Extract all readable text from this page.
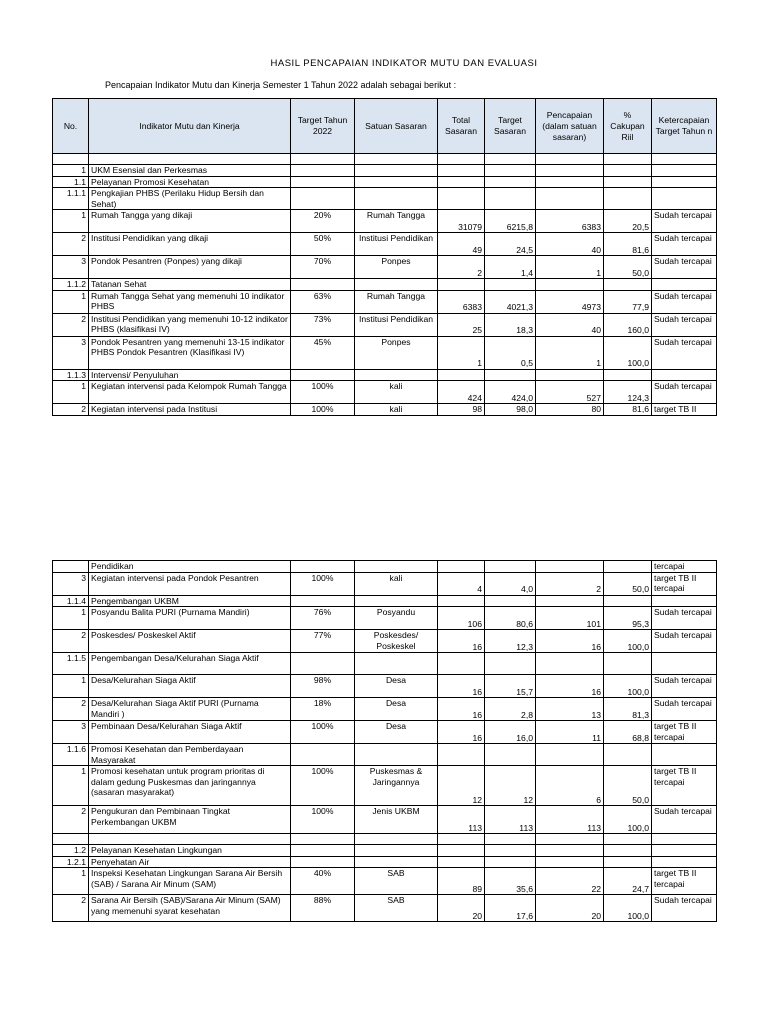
HASIL PENCAPAIAN INDIKATOR MUTU DAN EVALUASI
Pencapaian Indikator Mutu dan Kinerja Semester 1 Tahun 2022 adalah sebagai berikut :
No.	Indikator Mutu dan Kinerja	Target Tahun 2022	Satuan Sasaran	Total Sasaran	Target Sasaran	Pencapaian (dalam satuan sasaran)	% Cakupan Riil	Ketercapaian Target Tahun n

1	UKM Esensial dan Perkesmas							
1.1	Pelayanan Promosi Kesehatan							
1.1.1	Pengkajian PHBS (Perilaku Hidup Bersih dan Sehat)							
1	Rumah Tangga yang dikaji	20%	Rumah Tangga	31079	6215,8	6383	20,5	Sudah tercapai
2	Institusi Pendidikan yang dikaji	50%	Institusi Pendidikan	49	24,5	40	81,6	Sudah tercapai
3	Pondok Pesantren (Ponpes) yang dikaji	70%	Ponpes	2	1,4	1	50,0	Sudah tercapai
1.1.2	Tatanan Sehat							
1	Rumah Tangga Sehat yang memenuhi 10 indikator PHBS	63%	Rumah Tangga	6383	4021,3	4973	77,9	Sudah tercapai
2	Institusi Pendidikan yang memenuhi 10-12 indikator PHBS (klasifikasi IV)	73%	Institusi Pendidikan	25	18,3	40	160,0	Sudah tercapai
3	Pondok Pesantren yang memenuhi 13-15 indikator PHBS Pondok Pesantren (Klasifikasi IV)	45%	Ponpes	1	0,5	1	100,0	Sudah tercapai
1.1.3	Intervensi/ Penyuluhan							
1	Kegiatan intervensi pada Kelompok Rumah Tangga	100%	kali	424	424,0	527	124,3	Sudah tercapai
2	Kegiatan intervensi pada Institusi	100%	kali	98	98,0	80	81,6	target TB II
	Pendidikan							tercapai
3	Kegiatan intervensi pada Pondok Pesantren	100%	kali	4	4,0	2	50,0	target TB II tercapai
1.1.4	Pengembangan UKBM							
1	Posyandu Balita PURI (Purnama Mandiri)	76%	Posyandu	106	80,6	101	95,3	Sudah tercapai
2	Poskesdes/ Poskeskel Aktif	77%	Poskesdes/ Poskeskel	16	12,3	16	100,0	Sudah tercapai
1.1.5	Pengembangan Desa/Kelurahan Siaga Aktif							
1	Desa/Kelurahan Siaga Aktif	98%	Desa	16	15,7	16	100,0	Sudah tercapai
2	Desa/Kelurahan Siaga Aktif PURI (Purnama Mandiri )	18%	Desa	16	2,8	13	81,3	Sudah tercapai
3	Pembinaan Desa/Kelurahan Siaga Aktif	100%	Desa	16	16,0	11	68,8	target TB II tercapai
1.1.6	Promosi Kesehatan dan Pemberdayaan Masyarakat							
1	Promosi kesehatan untuk program prioritas di dalam gedung Puskesmas dan jaringannya (sasaran masyarakat)	100%	Puskesmas & Jaringannya	12	12	6	50,0	target TB II tercapai
2	Pengukuran dan Pembinaan Tingkat Perkembangan UKBM	100%	Jenis UKBM	113	113	113	100,0	Sudah tercapai

1.2	Pelayanan Kesehatan Lingkungan							
1.2.1	Penyehatan Air							
1	Inspeksi Kesehatan Lingkungan Sarana Air Bersih (SAB) / Sarana Air Minum (SAM)	40%	SAB	89	35,6	22	24,7	target TB II tercapai
2	Sarana Air Bersih (SAB)/Sarana Air Minum (SAM) yang memenuhi syarat kesehatan	88%	SAB	20	17,6	20	100,0	Sudah tercapai
